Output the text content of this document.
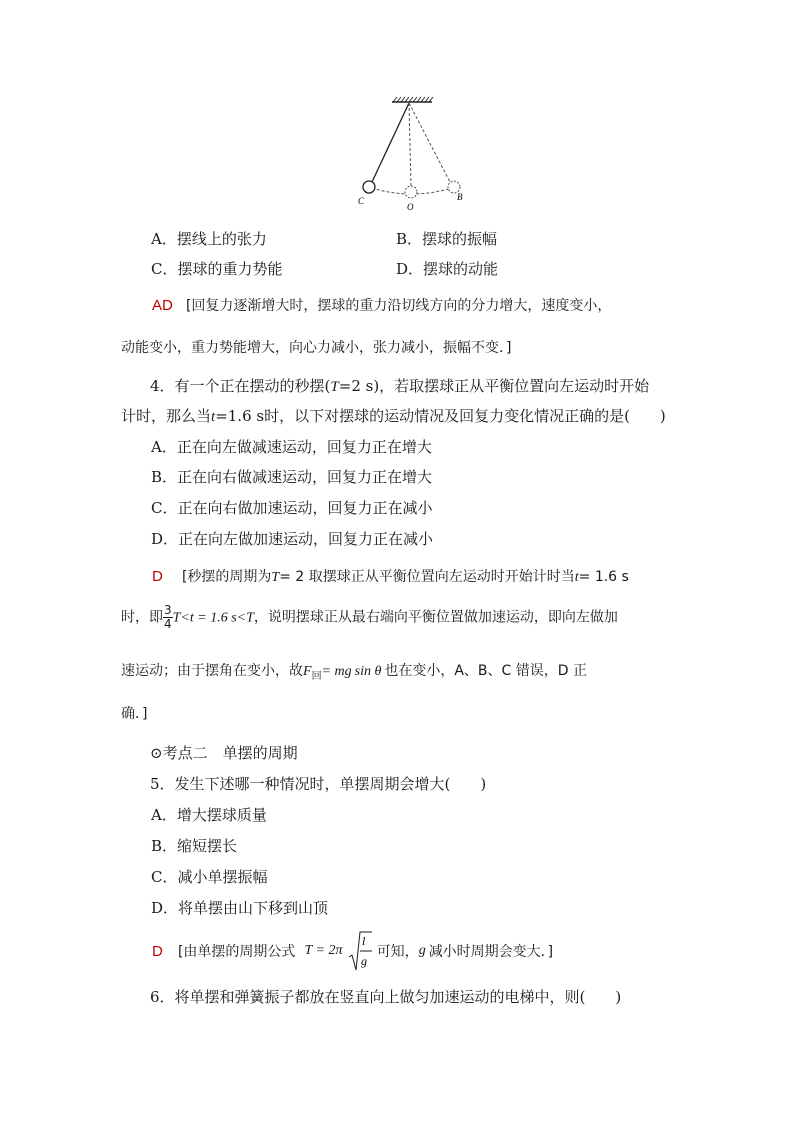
C
O
B
A．摆线上的张力	B．摆球的振幅
C．摆球的重力势能	D．摆球的动能
AD [回复力逐渐增大时，摆球的重力沿切线方向的分力增大，速度变小，
动能变小，重力势能增大，向心力减小，张力减小，振幅不变．]
4．有一个正在摆动的秒摆(T=2 s)，若取摆球正从平衡位置向左运动时开始
计时，那么当t=1.6 s时，以下对摆球的运动情况及回复力变化情况正确的是(　　)
A．正在向左做减速运动，回复力正在增大
B．正在向右做减速运动，回复力正在增大
C．正在向右做加速运动，回复力正在减小
D．正在向左做加速运动，回复力正在减小
D [秒摆的周期为T= 2 取摆球正从平衡位置向左运动时开始计时当t= 1.6 s
时，即 $\frac{3}{4} T<t = 1.6$ s<T，说明摆球正从最右端向平衡位置做加速运动，即向左做加
速运动；由于摆角在变小，故$F_回=$ mg sin θ 也在变小，A、B、C 错误，D 正
确．]
⊙考点二　单摆的周期
5．发生下述哪一种情况时，单摆周期会增大(　　)
A．增大摆球质量
B．缩短摆长
C．减小单摆振幅
D．将单摆由山下移到山顶
D [由单摆的周期公式 T = 2π
l
g
可知，g 减小时周期会变大．]
6．将单摆和弹簧振子都放在竖直向上做匀加速运动的电梯中，则(　　)
